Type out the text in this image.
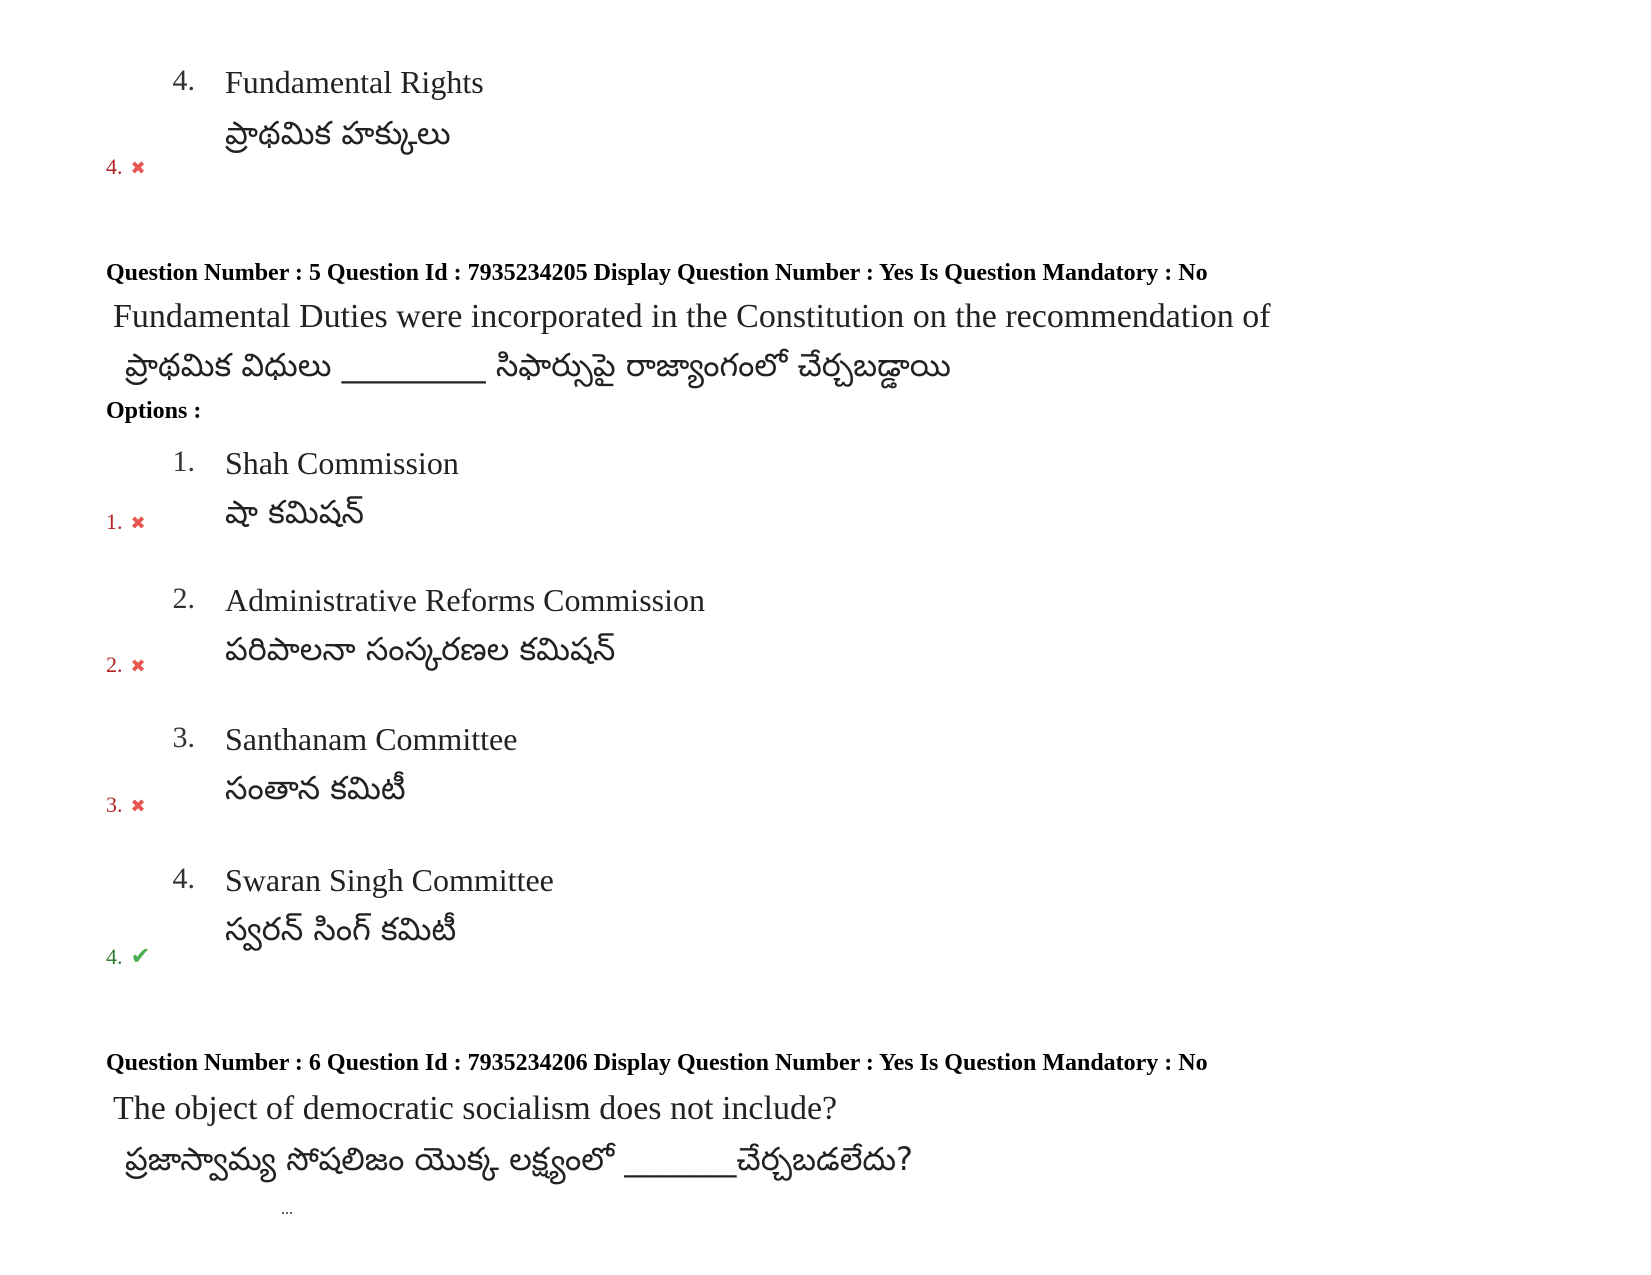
4. Fundamental Rights
ప్రాథమిక హక్కులు
4. ✖
Question Number : 5 Question Id : 7935234205 Display Question Number : Yes Is Question Mandatory : No
Fundamental Duties were incorporated in the Constitution on the recommendation of
ప్రాథమిక విధులు _________ సిఫార్సుపై రాజ్యాంగంలో చేర్చబడ్డాయి
Options :
1. Shah Commission
షా కమిషన్
1. ✖
2. Administrative Reforms Commission
పరిపాలనా సంస్కరణల కమిషన్
2. ✖
3. Santhanam Committee
సంతాన కమిటీ
3. ✖
4. Swaran Singh Committee
స్వరన్ సింగ్ కమిటీ
4. ✔
Question Number : 6 Question Id : 7935234206 Display Question Number : Yes Is Question Mandatory : No
The object of democratic socialism does not include?
ప్రజాస్వామ్య సోషలిజం యొక్క లక్ష్యంలో _______చేర్చబడలేదు?
